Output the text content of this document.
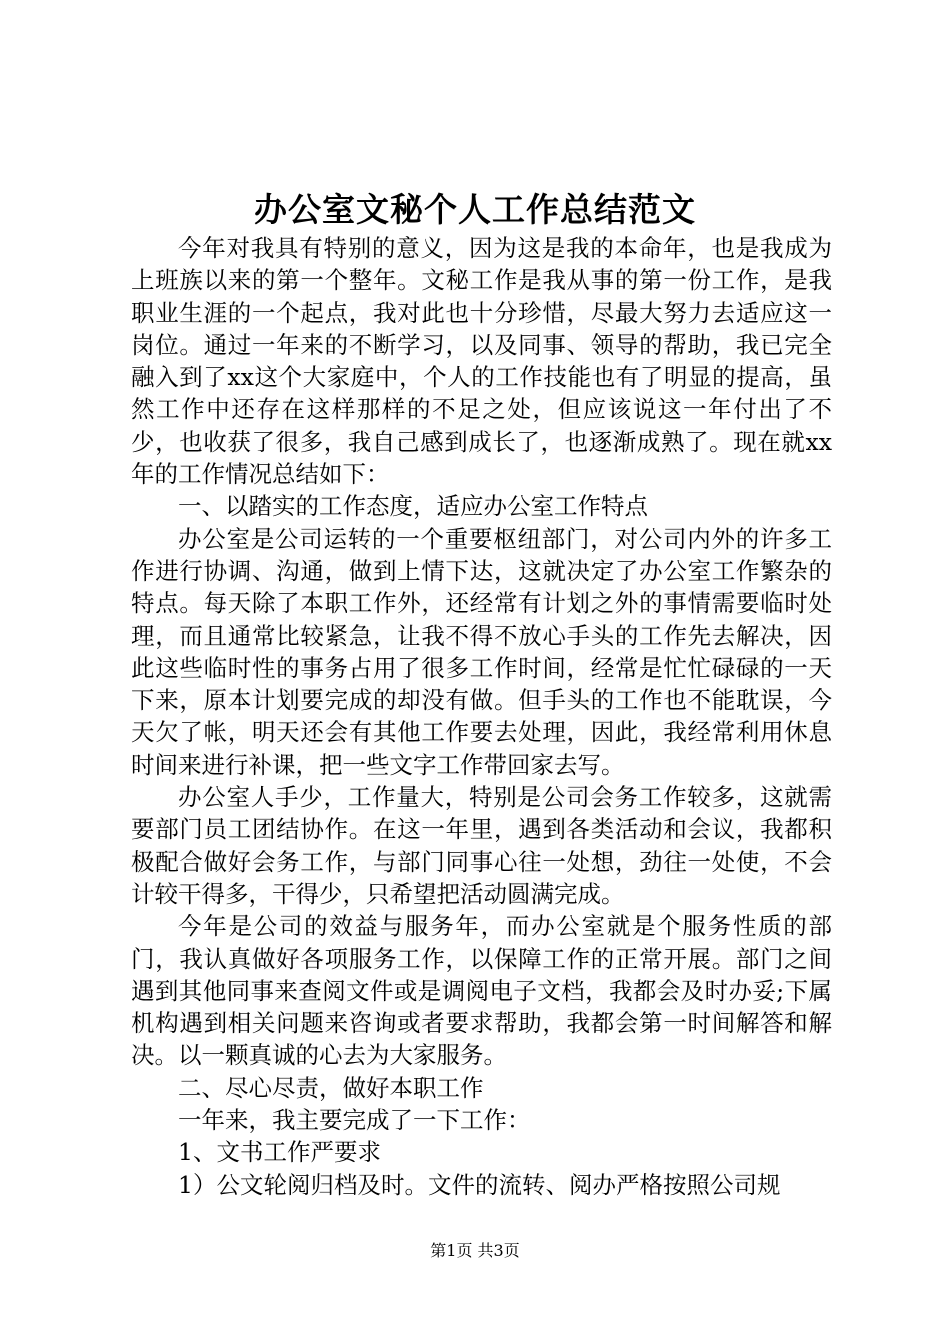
办公室文秘个人工作总结范文

今年对我具有特别的意义，因为这是我的本命年，也是我成为上班族以来的第一个整年。文秘工作是我从事的第一份工作，是我职业生涯的一个起点，我对此也十分珍惜，尽最大努力去适应这一岗位。通过一年来的不断学习，以及同事、领导的帮助，我已完全融入到了xx这个大家庭中，个人的工作技能也有了明显的提高，虽然工作中还存在这样那样的不足之处，但应该说这一年付出了不少，也收获了很多，我自己感到成长了，也逐渐成熟了。现在就xx年的工作情况总结如下：

一、以踏实的工作态度，适应办公室工作特点

办公室是公司运转的一个重要枢纽部门，对公司内外的许多工作进行协调、沟通，做到上情下达，这就决定了办公室工作繁杂的特点。每天除了本职工作外，还经常有计划之外的事情需要临时处理，而且通常比较紧急，让我不得不放心手头的工作先去解决，因此这些临时性的事务占用了很多工作时间，经常是忙忙碌碌的一天下来，原本计划要完成的却没有做。但手头的工作也不能耽误，今天欠了帐，明天还会有其他工作要去处理，因此，我经常利用休息时间来进行补课，把一些文字工作带回家去写。

办公室人手少，工作量大，特别是公司会务工作较多，这就需要部门员工团结协作。在这一年里，遇到各类活动和会议，我都积极配合做好会务工作，与部门同事心往一处想，劲往一处使，不会计较干得多，干得少，只希望把活动圆满完成。

今年是公司的效益与服务年，而办公室就是个服务性质的部门，我认真做好各项服务工作，以保障工作的正常开展。部门之间遇到其他同事来查阅文件或是调阅电子文档，我都会及时办妥;下属机构遇到相关问题来咨询或者要求帮助，我都会第一时间解答和解决。以一颗真诚的心去为大家服务。

二、尽心尽责，做好本职工作

一年来，我主要完成了一下工作：

1、文书工作严要求

1）公文轮阅归档及时。文件的流转、阅办严格按照公司规

第1页 共3页
